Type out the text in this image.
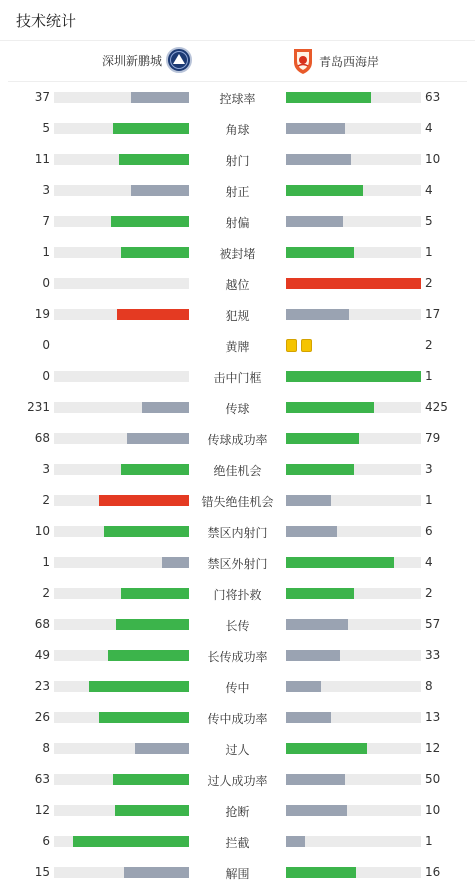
技术统计
深圳新鹏城	青岛西海岸
37	控球率	63
5	角球	4
11	射门	10
3	射正	4
7	射偏	5
1	被封堵	1
0	越位	2
19	犯规	17
0	黄牌	2
0	击中门框	1
231	传球	425
68	传球成功率	79
3	绝佳机会	3
2	错失绝佳机会	1
10	禁区内射门	6
1	禁区外射门	4
2	门将扑救	2
68	长传	57
49	长传成功率	33
23	传中	8
26	传中成功率	13
8	过人	12
63	过人成功率	50
12	抢断	10
6	拦截	1
15	解围	16
